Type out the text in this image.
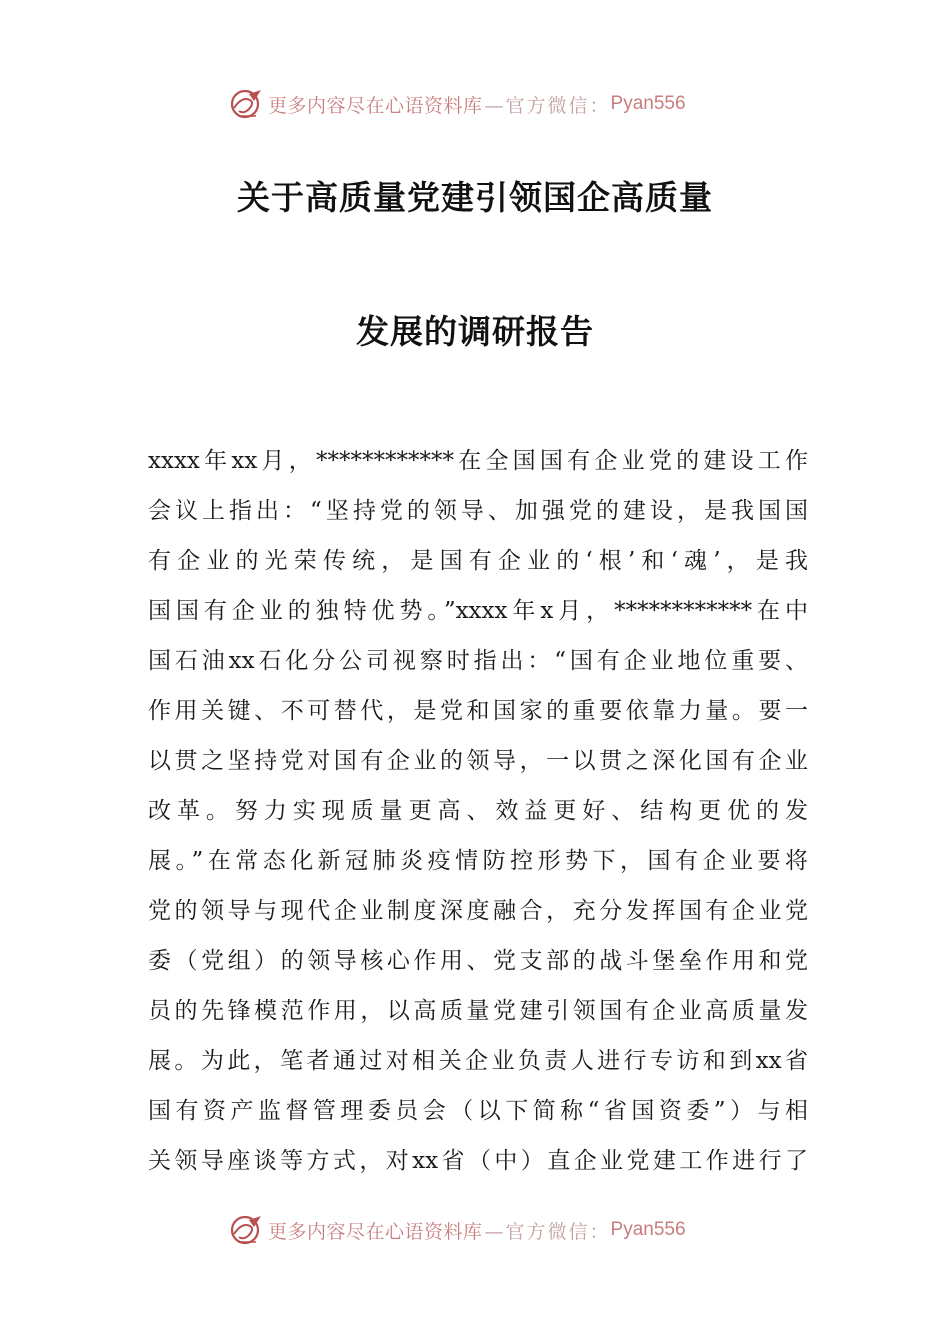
更多内容尽在心语资料库 —官方微信： Pyan556
关于高质量党建引领国企高质量
发展的调研报告
xxxx年xx月，************在全国国有企业党的建设工作
会议上指出：“坚持党的领导、加强党的建设，是我国国
有企业的光荣传统，是国有企业的‘根’和‘魂’，是我
国国有企业的独特优势。”xxxx年x月，************在中
国石油xx石化分公司视察时指出：“国有企业地位重要、
作用关键、不可替代，是党和国家的重要依靠力量。要一
以贯之坚持党对国有企业的领导，一以贯之深化国有企业
改革。努力实现质量更高、效益更好、结构更优的发
展。”在常态化新冠肺炎疫情防控形势下，国有企业要将
党的领导与现代企业制度深度融合，充分发挥国有企业党
委（党组）的领导核心作用、党支部的战斗堡垒作用和党
员的先锋模范作用，以高质量党建引领国有企业高质量发
展。为此，笔者通过对相关企业负责人进行专访和到xx省
国有资产监督管理委员会（以下简称“省国资委”）与相
关领导座谈等方式，对xx省（中）直企业党建工作进行了
更多内容尽在心语资料库 —官方微信： Pyan556
